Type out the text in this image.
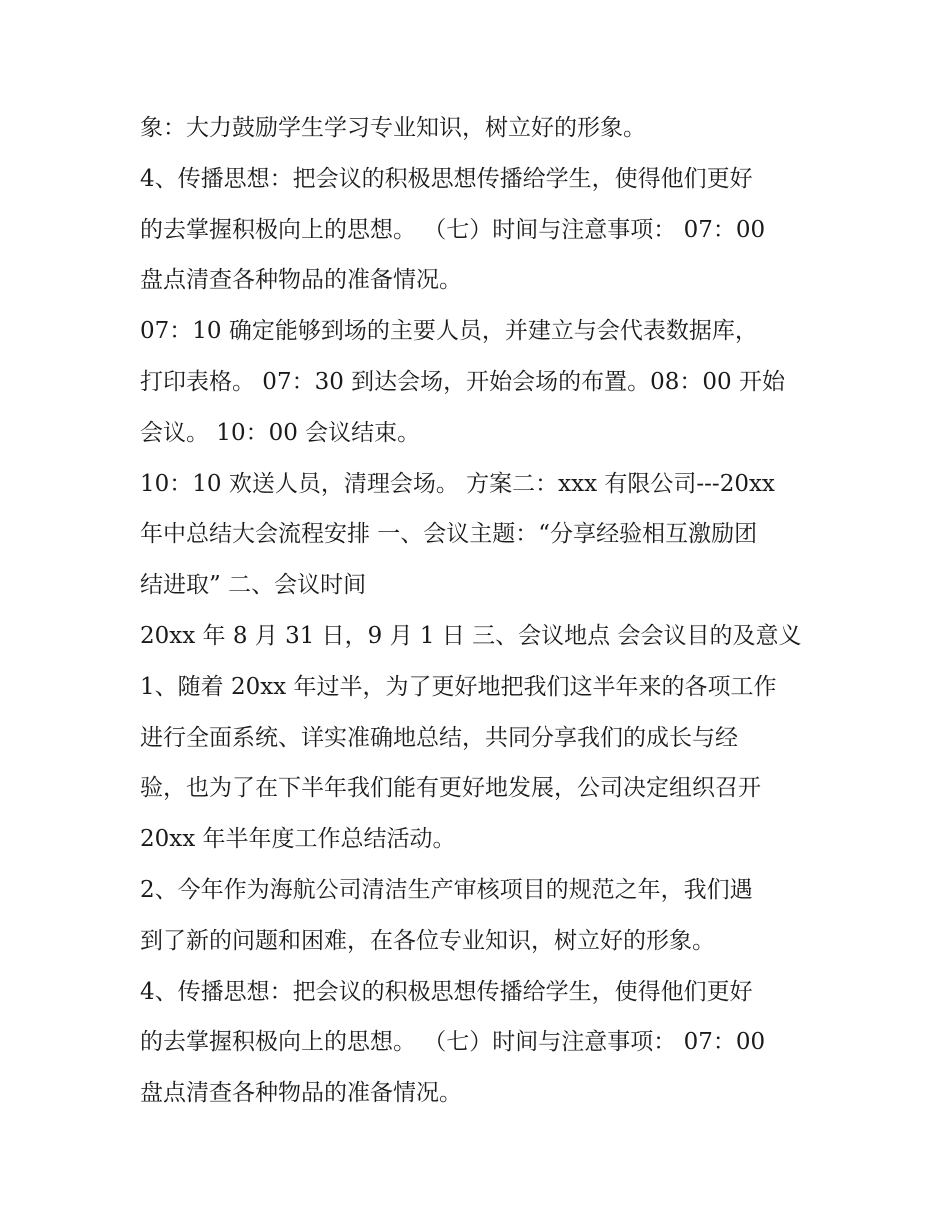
象：大力鼓励学生学习专业知识，树立好的形象。
4、传播思想：把会议的积极思想传播给学生，使得他们更好
的去掌握积极向上的思想。 （七）时间与注意事项： 07：00
盘点清查各种物品的准备情况。
07：10 确定能够到场的主要人员，并建立与会代表数据库，
打印表格。 07：30 到达会场，开始会场的布置。08：00 开始
会议。 10：00 会议结束。
10：10 欢送人员，清理会场。 方案二：xxx 有限公司---20xx
年中总结大会流程安排 一、会议主题：“分享经验相互激励团
结进取” 二、会议时间
20xx 年 8 月 31 日，9 月 1 日 三、会议地点 会会议目的及意义
1、随着 20xx 年过半，为了更好地把我们这半年来的各项工作
进行全面系统、详实准确地总结，共同分享我们的成长与经
验，也为了在下半年我们能有更好地发展，公司决定组织召开
20xx 年半年度工作总结活动。
2、今年作为海航公司清洁生产审核项目的规范之年，我们遇
到了新的问题和困难，在各位专业知识，树立好的形象。
4、传播思想：把会议的积极思想传播给学生，使得他们更好
的去掌握积极向上的思想。 （七）时间与注意事项： 07：00
盘点清查各种物品的准备情况。
